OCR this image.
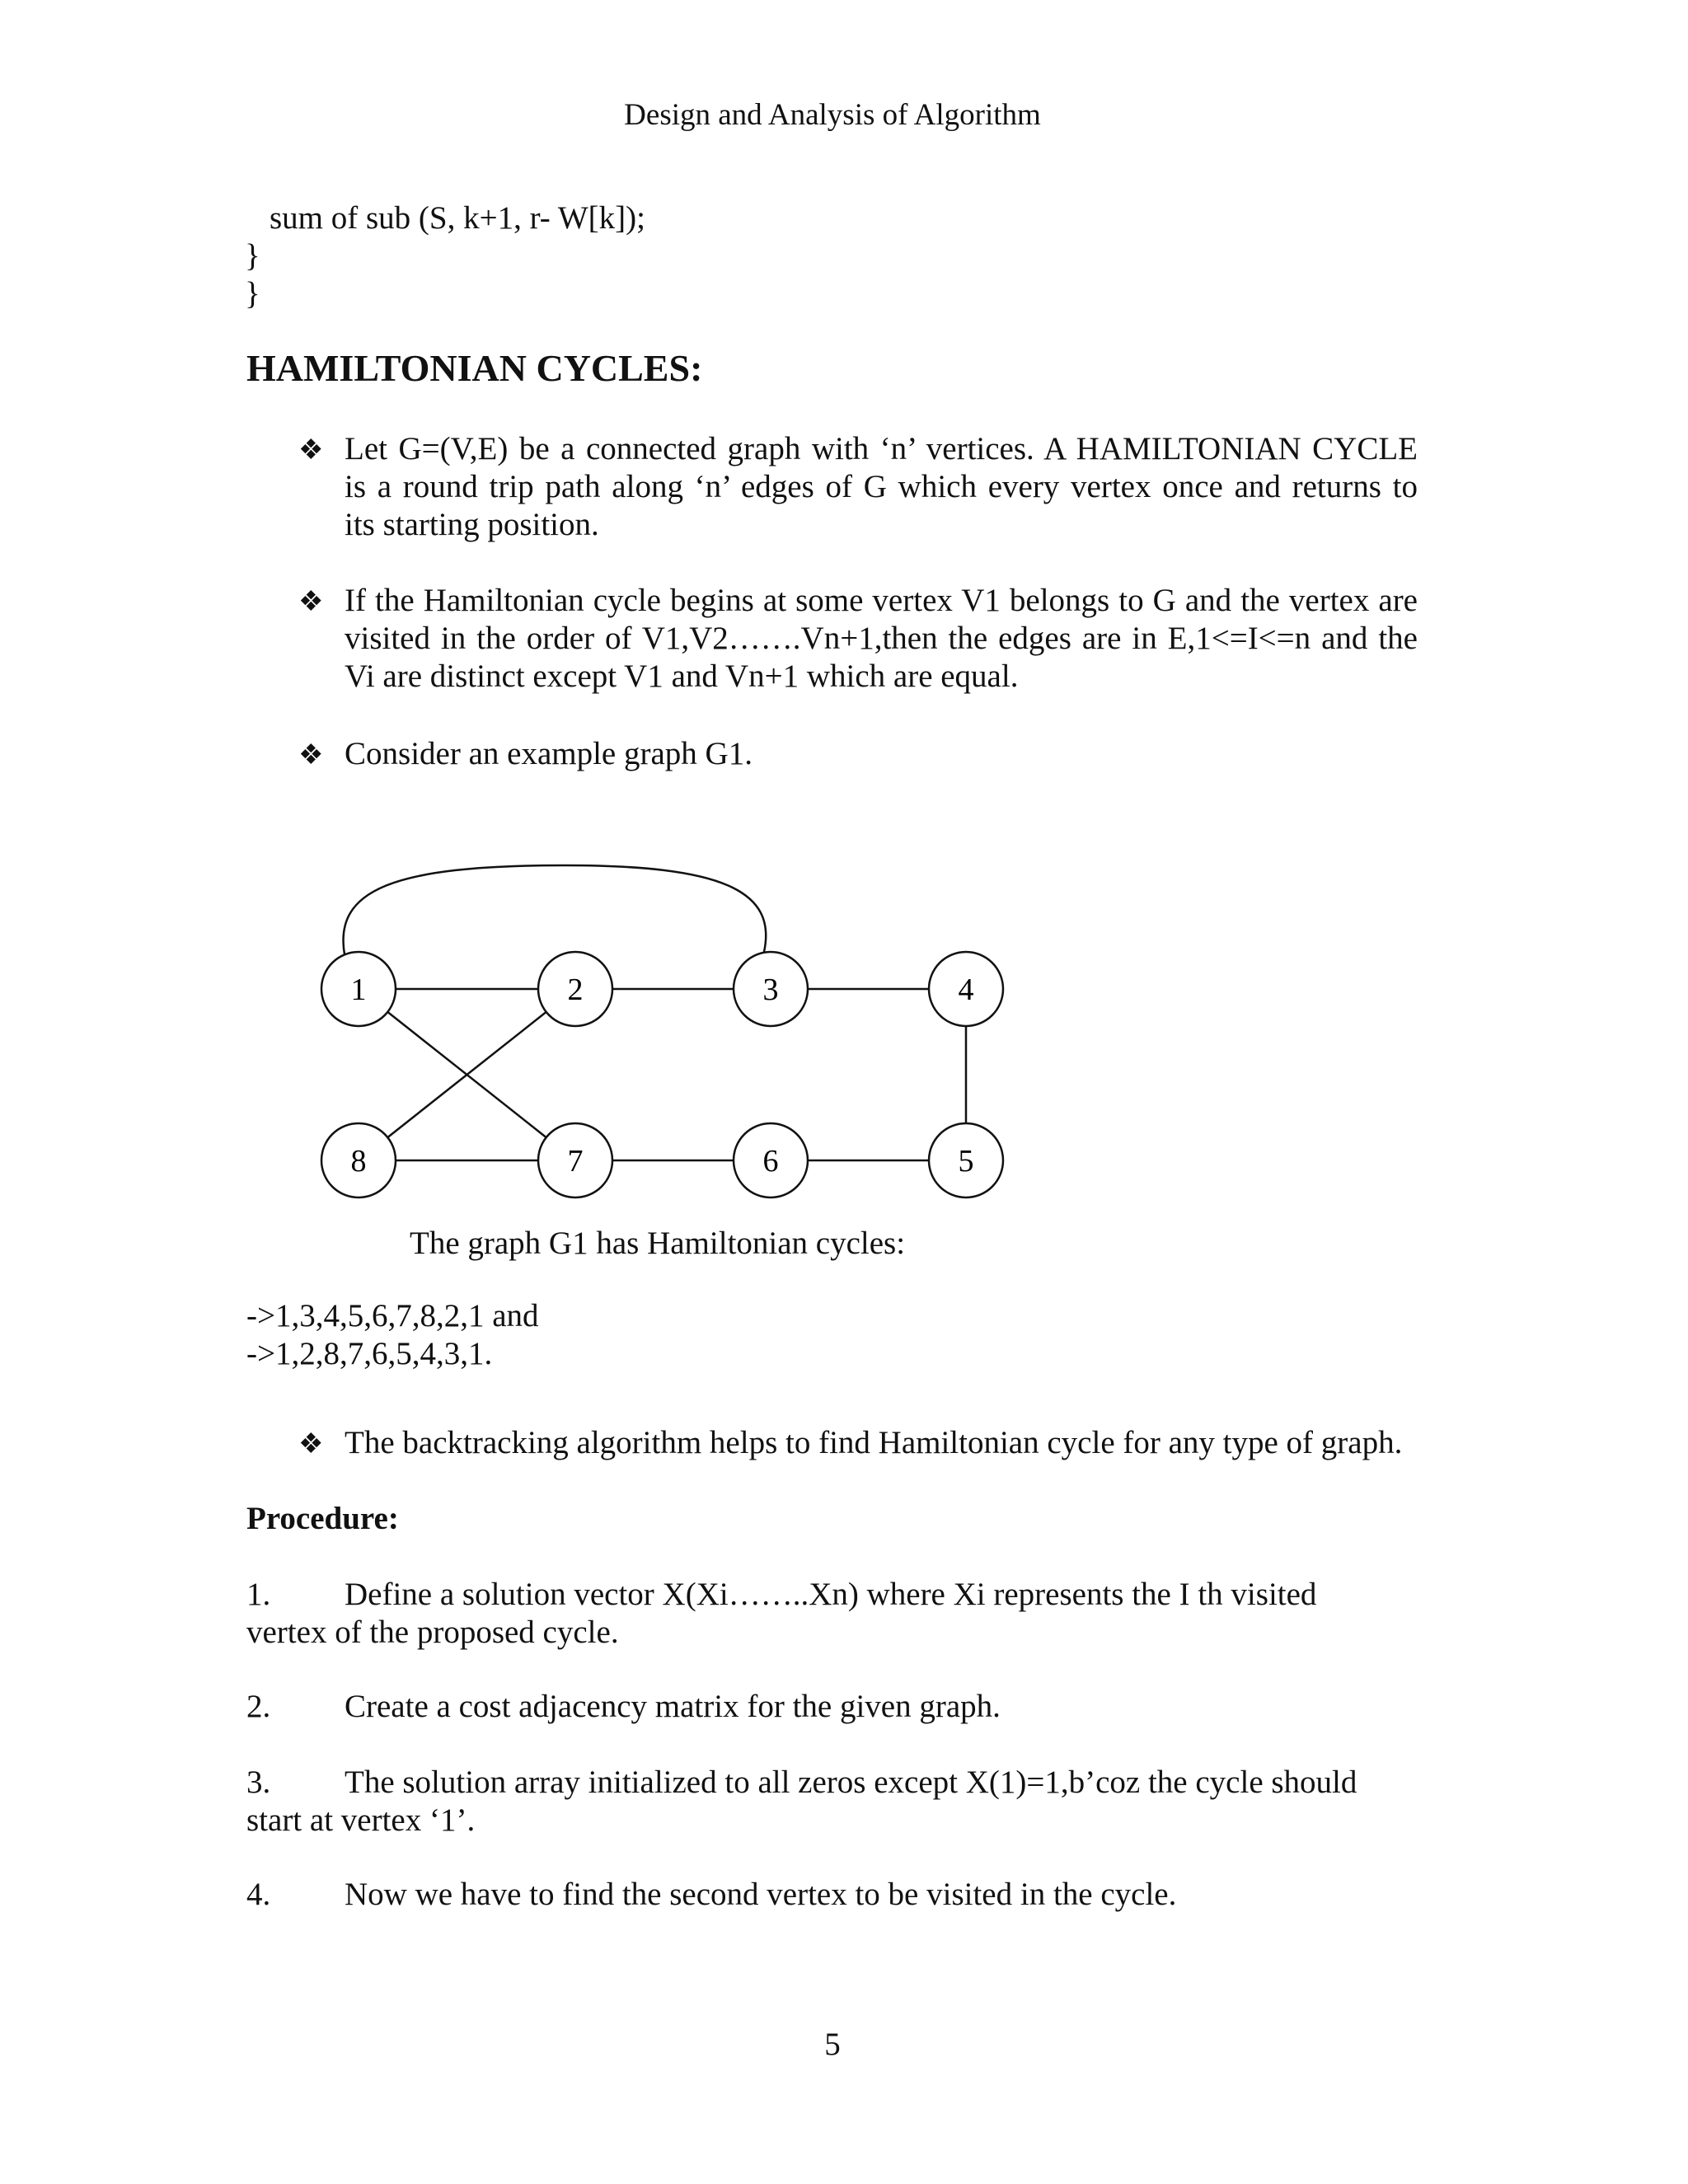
Design and Analysis of Algorithm
sum of sub (S, k+1, r- W[k]);
}
}
HAMILTONIAN CYCLES:
❖ Let G=(V,E) be a connected graph with ‘n’ vertices. A HAMILTONIAN CYCLE
is a round trip path along ‘n’ edges of G which every vertex once and returns to
its starting position.
❖ If the Hamiltonian cycle begins at some vertex V1 belongs to G and the vertex are
visited in the order of V1,V2…….Vn+1,then the edges are in E,1<=I<=n and the
Vi are distinct except V1 and Vn+1 which are equal.
❖ Consider an example graph G1.
1	2	3	4
5
6
7
8
The graph G1 has Hamiltonian cycles:
->1,3,4,5,6,7,8,2,1 and
->1,2,8,7,6,5,4,3,1.
❖ The backtracking algorithm helps to find Hamiltonian cycle for any type of graph.
Procedure:
1. Define a solution vector X(Xi……..Xn) where Xi represents the I th visited
vertex of the proposed cycle.
2. Create a cost adjacency matrix for the given graph.
3. The solution array initialized to all zeros except X(1)=1,b’coz the cycle should
start at vertex ‘1’.
4. Now we have to find the second vertex to be visited in the cycle.
5
